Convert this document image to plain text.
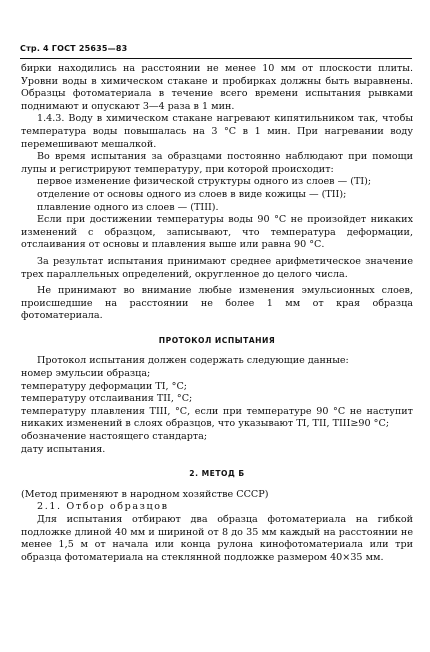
Стр. 4 ГОСТ 25635—83

бирки находились на расстоянии не менее 10 мм от плоскости плиты. Уровни воды в химическом стакане и пробирках должны быть выравнены. Образцы фотоматериала в течение всего времени испытания рывками поднимают и опускают 3—4 раза в 1 мин.

1.4.3. Воду в химическом стакане нагревают кипятильником так, чтобы температура воды повышалась на 3 °С в 1 мин. При нагревании воду перемешивают мешалкой.

Во время испытания за образцами постоянно наблюдают при помощи лупы и регистрируют температуру, при которой происходит:

первое изменение физической структуры одного из слоев — (TI);

отделение от основы одного из слоев в виде кожицы — (TII);

плавление одного из слоев — (TIII).

Если при достижении температуры воды 90 °С не произойдет никаких изменений с образцом, записывают, что температура деформации, отслаивания от основы и плавления выше или равна 90 °С.

За результат испытания принимают среднее арифметическое значение трех параллельных определений, округленное до целого числа.

Не принимают во внимание любые изменения эмульсионных слоев, происшедшие на расстоянии не более 1 мм от края образца фотоматериала.

ПРОТОКОЛ ИСПЫТАНИЯ

Протокол испытания должен содержать следующие данные:

номер эмульсии образца;

температуру деформации TI, °С;

температуру отслаивания TII, °С;

температуру плавления TIII, °С, если при температуре 90 °С не наступит никаких изменений в слоях образцов, что указывают TI, TII, TIII≥90 °С;

обозначение настоящего стандарта;

дату испытания.

2. МЕТОД Б

(Метод применяют в народном хозяйстве СССР)

2.1. Отбор образцов

Для испытания отбирают два образца фотоматериала на гибкой подложке длиной 40 мм и шириной от 8 до 35 мм каждый на расстоянии не менее 1,5 м от начала или конца рулона кинофотоматериала или три образца фотоматериала на стеклянной подложке размером 40×35 мм.
